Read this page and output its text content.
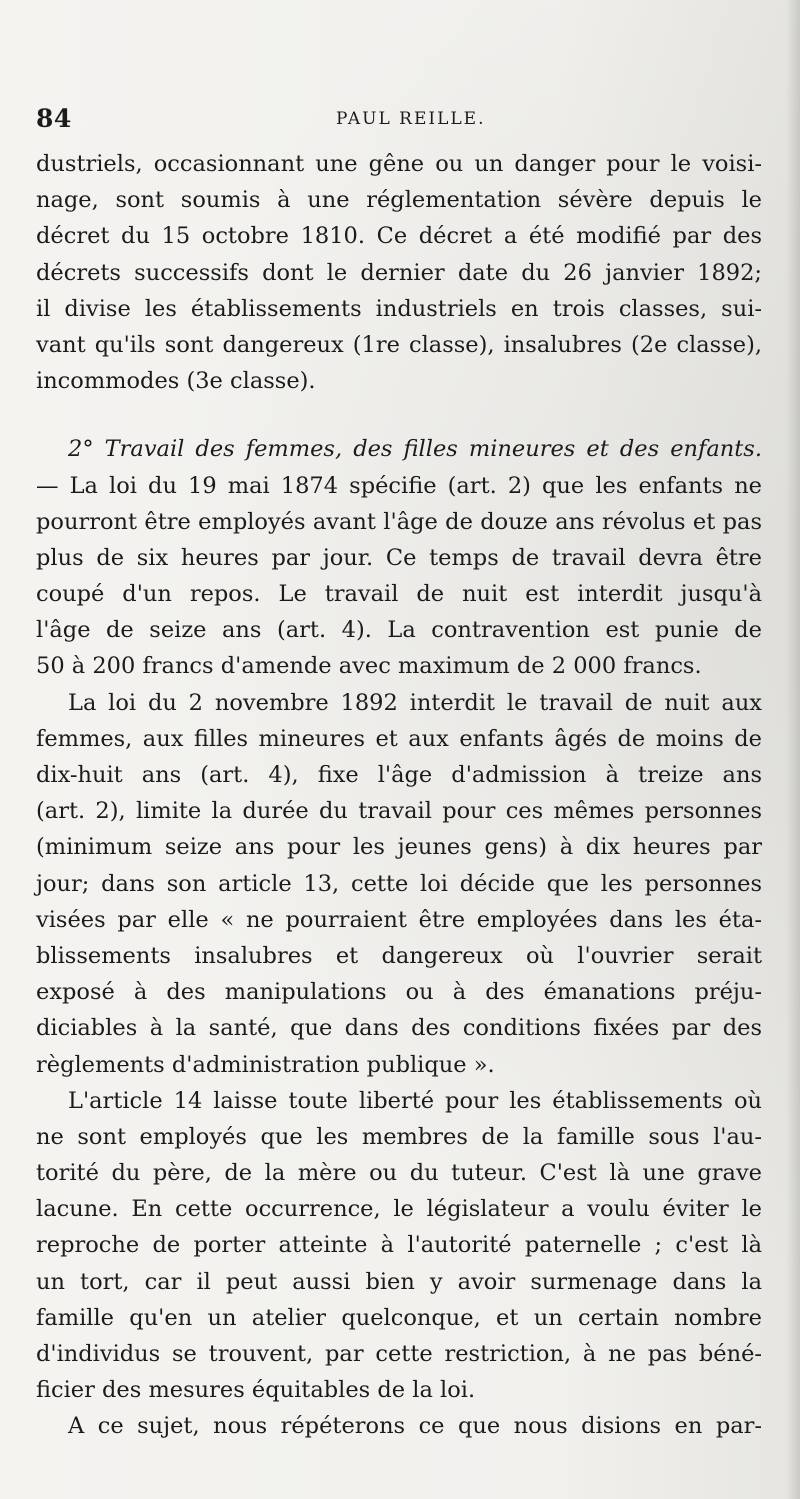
84	PAUL REILLE.
dustriels, occasionnant une gêne ou un danger pour le voisi-
nage, sont soumis à une réglementation sévère depuis le
décret du 15 octobre 1810. Ce décret a été modifié par des
décrets successifs dont le dernier date du 26 janvier 1892;
il divise les établissements industriels en trois classes, sui-
vant qu'ils sont dangereux (1re classe), insalubres (2e classe),
incommodes (3e classe).
2° Travail des femmes, des filles mineures et des enfants.
— La loi du 19 mai 1874 spécifie (art. 2) que les enfants ne
pourront être employés avant l'âge de douze ans révolus et pas
plus de six heures par jour. Ce temps de travail devra être
coupé d'un repos. Le travail de nuit est interdit jusqu'à
l'âge de seize ans (art. 4). La contravention est punie de
50 à 200 francs d'amende avec maximum de 2 000 francs.
La loi du 2 novembre 1892 interdit le travail de nuit aux
femmes, aux filles mineures et aux enfants âgés de moins de
dix-huit ans (art. 4), fixe l'âge d'admission à treize ans
(art. 2), limite la durée du travail pour ces mêmes personnes
(minimum seize ans pour les jeunes gens) à dix heures par
jour; dans son article 13, cette loi décide que les personnes
visées par elle « ne pourraient être employées dans les éta-
blissements insalubres et dangereux où l'ouvrier serait
exposé à des manipulations ou à des émanations préju-
diciables à la santé, que dans des conditions fixées par des
règlements d'administration publique ».
L'article 14 laisse toute liberté pour les établissements où
ne sont employés que les membres de la famille sous l'au-
torité du père, de la mère ou du tuteur. C'est là une grave
lacune. En cette occurrence, le législateur a voulu éviter le
reproche de porter atteinte à l'autorité paternelle ; c'est là
un tort, car il peut aussi bien y avoir surmenage dans la
famille qu'en un atelier quelconque, et un certain nombre
d'individus se trouvent, par cette restriction, à ne pas béné-
ficier des mesures équitables de la loi.
A ce sujet, nous répéterons ce que nous disions en par-
